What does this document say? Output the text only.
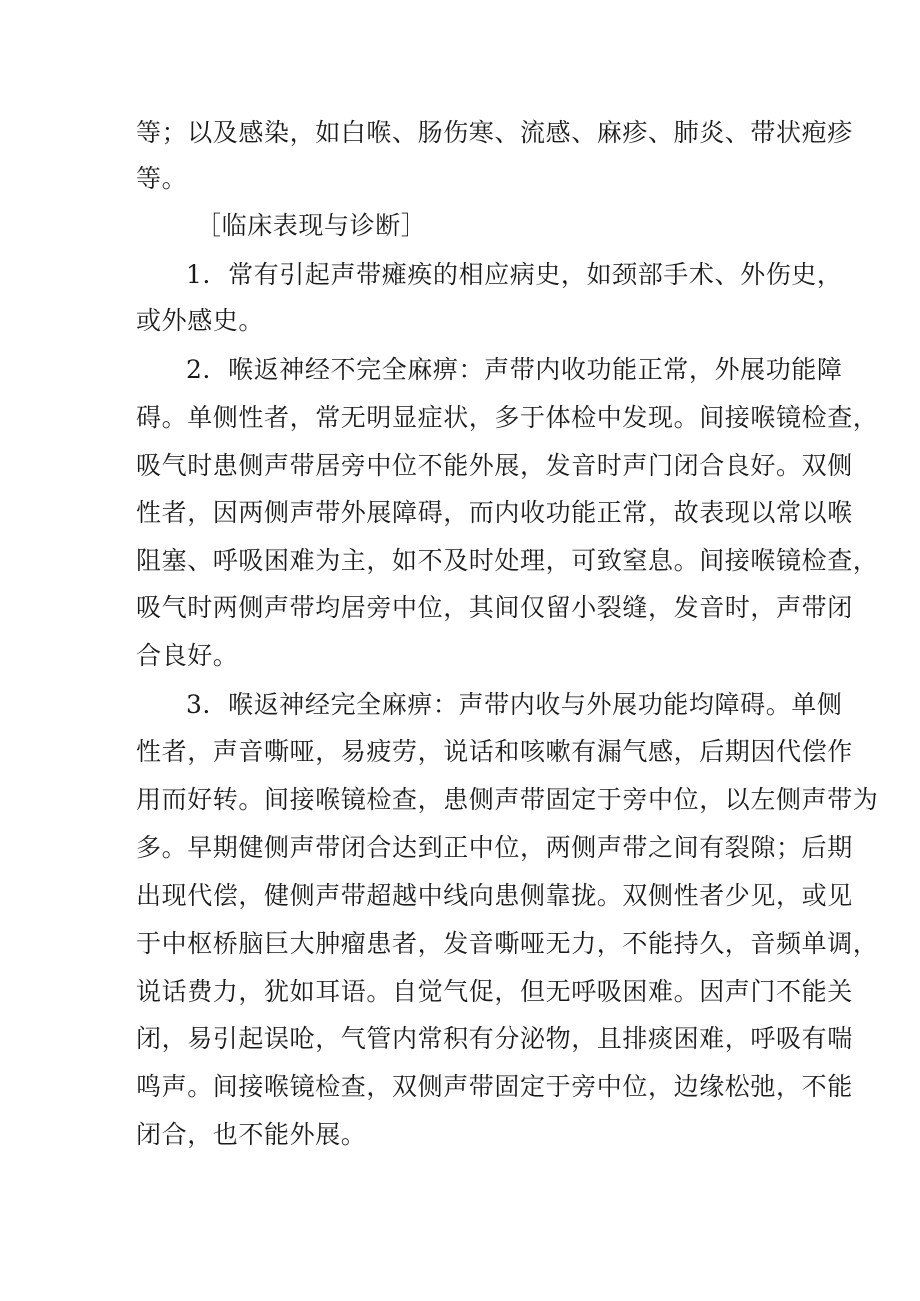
等；以及感染，如白喉、肠伤寒、流感、麻疹、肺炎、带状疱疹
等。
［临床表现与诊断］
1．常有引起声带瘫痪的相应病史，如颈部手术、外伤史，
或外感史。
2．喉返神经不完全麻痹：声带内收功能正常，外展功能障
碍。单侧性者，常无明显症状，多于体检中发现。间接喉镜检查，
吸气时患侧声带居旁中位不能外展，发音时声门闭合良好。双侧
性者，因两侧声带外展障碍，而内收功能正常，故表现以常以喉
阻塞、呼吸困难为主，如不及时处理，可致窒息。间接喉镜检查，
吸气时两侧声带均居旁中位，其间仅留小裂缝，发音时，声带闭
合良好。
3．喉返神经完全麻痹：声带内收与外展功能均障碍。单侧
性者，声音嘶哑，易疲劳，说话和咳嗽有漏气感，后期因代偿作
用而好转。间接喉镜检查，患侧声带固定于旁中位，以左侧声带为
多。早期健侧声带闭合达到正中位，两侧声带之间有裂隙；后期
出现代偿，健侧声带超越中线向患侧靠拢。双侧性者少见，或见
于中枢桥脑巨大肿瘤患者，发音嘶哑无力，不能持久，音频单调，
说话费力，犹如耳语。自觉气促，但无呼吸困难。因声门不能关
闭，易引起误呛，气管内常积有分泌物，且排痰困难，呼吸有喘
鸣声。间接喉镜检查，双侧声带固定于旁中位，边缘松弛，不能
闭合，也不能外展。
